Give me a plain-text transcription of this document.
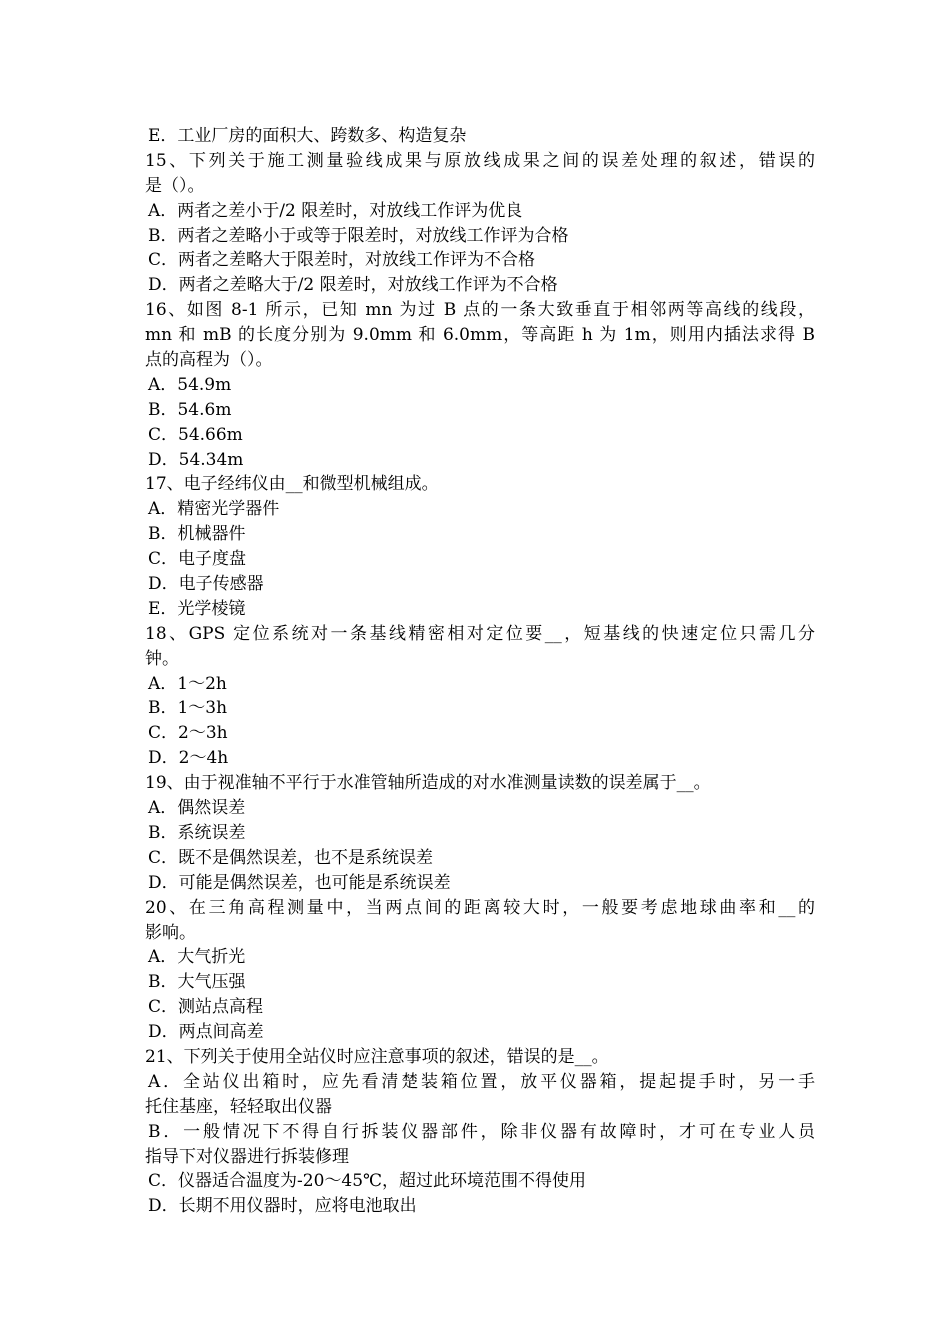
E．工业厂房的面积大、跨数多、构造复杂
15、下列关于施工测量验线成果与原放线成果之间的误差处理的叙述，错误的
是（）。
A．两者之差小于/2 限差时，对放线工作评为优良
B．两者之差略小于或等于限差时，对放线工作评为合格
C．两者之差略大于限差时，对放线工作评为不合格
D．两者之差略大于/2 限差时，对放线工作评为不合格
16、如图 8-1 所示，已知 mn 为过 B 点的一条大致垂直于相邻两等高线的线段，
mn 和 mB 的长度分别为 9.0mm 和 6.0mm，等高距 h 为 1m，则用内插法求得 B
点的高程为（）。
A．54.9m
B．54.6m
C．54.66m
D．54.34m
17、电子经纬仪由__和微型机械组成。
A．精密光学器件
B．机械器件
C．电子度盘
D．电子传感器
E．光学棱镜
18、GPS 定位系统对一条基线精密相对定位要__，短基线的快速定位只需几分
钟。
A．1～2h
B．1～3h
C．2～3h
D．2～4h
19、由于视准轴不平行于水准管轴所造成的对水准测量读数的误差属于__。
A．偶然误差
B．系统误差
C．既不是偶然误差，也不是系统误差
D．可能是偶然误差，也可能是系统误差
20、在三角高程测量中，当两点间的距离较大时，一般要考虑地球曲率和__的
影响。
A．大气折光
B．大气压强
C．测站点高程
D．两点间高差
21、下列关于使用全站仪时应注意事项的叙述，错误的是__。
A．全站仪出箱时，应先看清楚装箱位置，放平仪器箱，提起提手时，另一手
托住基座，轻轻取出仪器
B．一般情况下不得自行拆装仪器部件，除非仪器有故障时，才可在专业人员
指导下对仪器进行拆装修理
C．仪器适合温度为-20～45℃，超过此环境范围不得使用
D．长期不用仪器时，应将电池取出
